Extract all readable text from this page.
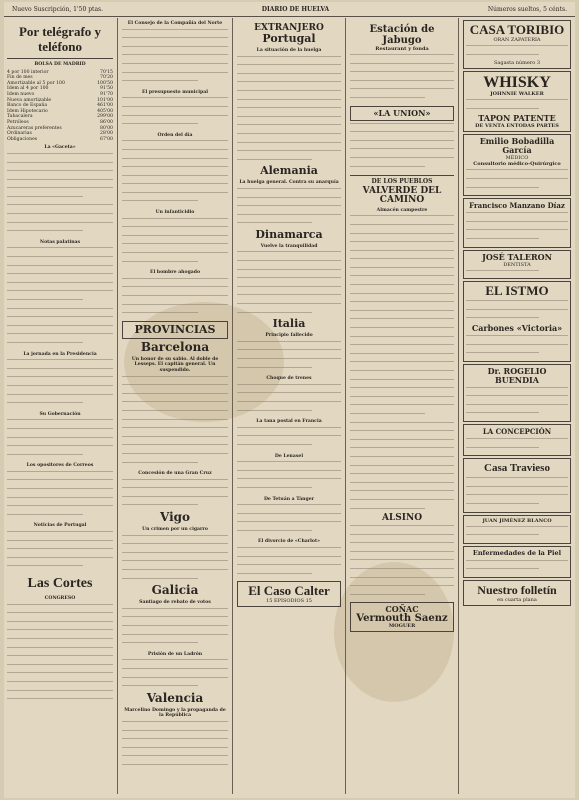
Nuevo Suscripción, 1'50 ptas.	DIARIO DE HUELVA	Números sueltos, 5 cénts.
Por telégrafo y teléfono
BOLSA DE MADRID
4 por 100 interior	70'15
Fin de mes	70'20
Amortizable al 5 por 100	100'50
Idem al 4 por 100	91'50
Idem nuevo	91'70
Nueva amortizable	101'00
Banco de España	461'00
Idem Hipotecario	405'00
Tabacalera	299'00
Petróleos	86'00
Azucareras preferentes	80'00
Ordinarias	28'00
Obligaciones	67'00
La «Gaceta»
Notas palatinas
La jornada en la Presidencia
Su Gobernación
Los opositores de Correos
Noticias de Portugal
Las Cortes
CONGRESO
El Consejo de la Compañía del Norte
El presupuesto municipal
Orden del día
Un infanticidio
El hombre ahogado
PROVINCIAS
Barcelona
Un honor de su sabio. Al doble de Lesseps. El capitán general. Un suspendido.
Concesión de una Gran Cruz
Vigo
Un crimen por un cigarro
Galicia
Santiago de rebato de votos
Prisión de un Ladrón
Valencia
Marcelino Domingo y la propaganda de la República
EXTRANJERO
Portugal
La situación de la huelga
Alemania
La huelga general. Contra su anarquía
Dinamarca
Vuelve la tranquilidad
Italia
Principio fallecido
Choque de trenes
La tana postal en Francia
De Lenasel
De Tetuán a Tánger
El divorcio de «Charlot»
El Caso Calter
15 EPISODIOS 15
Estación de Jabugo
Restaurant y fonda
«LA UNION»
DE LOS PUEBLOS
VALVERDE DEL CAMINO
Almacén campestre
ALSINO
COÑAC
Vermouth Saenz
MOGUER
CASA TORIBIO
ORAN ZAPATERIA
Sagasta número 3
WHISKY
JOHNNIE WALKER
TAPON PATENTE
DE VENTA ENTODAS PARTES
Emilio Bobadilla García
MÉDICO
Consultorio médico-Quirúrgico
Francisco Manzano Díaz
JOSÉ TALERON
DENTISTA
EL ISTMO
Carbones «Victoria»
Dr. ROGELIO BUENDIA
LA CONCEPCIÓN
Casa Travieso
JUAN JIMÉNEZ BLANCO
Enfermedades de la Piel
Nuestro folletín
en cuarta plana
